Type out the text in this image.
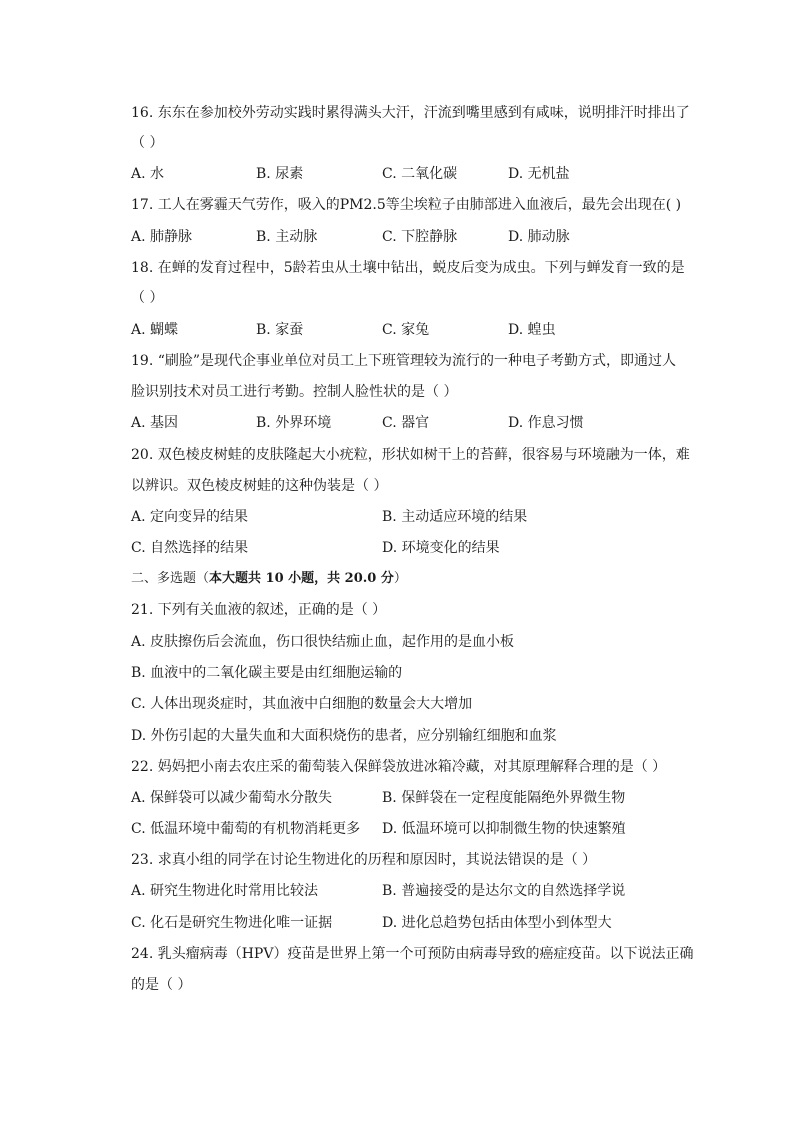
16. 东东在参加校外劳动实践时累得满头大汗，汗流到嘴里感到有咸味，说明排汗时排出了
（ ）
A. 水	B. 尿素	C. 二氧化碳	D. 无机盐
17. 工人在雾霾天气劳作，吸入的PM2.5等尘埃粒子由肺部进入血液后，最先会出现在( )
A. 肺静脉	B. 主动脉	C. 下腔静脉	D. 肺动脉
18. 在蝉的发育过程中，5龄若虫从土壤中钻出，蜕皮后变为成虫。下列与蝉发育一致的是
（ ）
A. 蝴蝶	B. 家蚕	C. 家兔	D. 蝗虫
19. “刷脸”是现代企事业单位对员工上下班管理较为流行的一种电子考勤方式，即通过人
脸识别技术对员工进行考勤。控制人脸性状的是（ ）
A. 基因	B. 外界环境	C. 器官	D. 作息习惯
20. 双色棱皮树蛙的皮肤隆起大小疣粒，形状如树干上的苔藓，很容易与环境融为一体，难
以辨识。双色棱皮树蛙的这种伪装是（ ）
A. 定向变异的结果	B. 主动适应环境的结果
C. 自然选择的结果	D. 环境变化的结果
二、多选题（本大题共 10 小题，共 20.0 分）
21. 下列有关血液的叙述，正确的是（ ）
A. 皮肤擦伤后会流血，伤口很快结痂止血，起作用的是血小板
B. 血液中的二氧化碳主要是由红细胞运输的
C. 人体出现炎症时，其血液中白细胞的数量会大大增加
D. 外伤引起的大量失血和大面积烧伤的患者，应分别输红细胞和血浆
22. 妈妈把小南去农庄采的葡萄装入保鲜袋放进冰箱冷藏，对其原理解释合理的是（ ）
A. 保鲜袋可以减少葡萄水分散失	B. 保鲜袋在一定程度能隔绝外界微生物
C. 低温环境中葡萄的有机物消耗更多 D. 低温环境可以抑制微生物的快速繁殖
23. 求真小组的同学在讨论生物进化的历程和原因时，其说法错误的是（ ）
A. 研究生物进化时常用比较法	B. 普遍接受的是达尔文的自然选择学说
C. 化石是研究生物进化唯一证据	D. 进化总趋势包括由体型小到体型大
24. 乳头瘤病毒（HPV）疫苗是世界上第一个可预防由病毒导致的癌症疫苗。以下说法正确
的是（ ）
